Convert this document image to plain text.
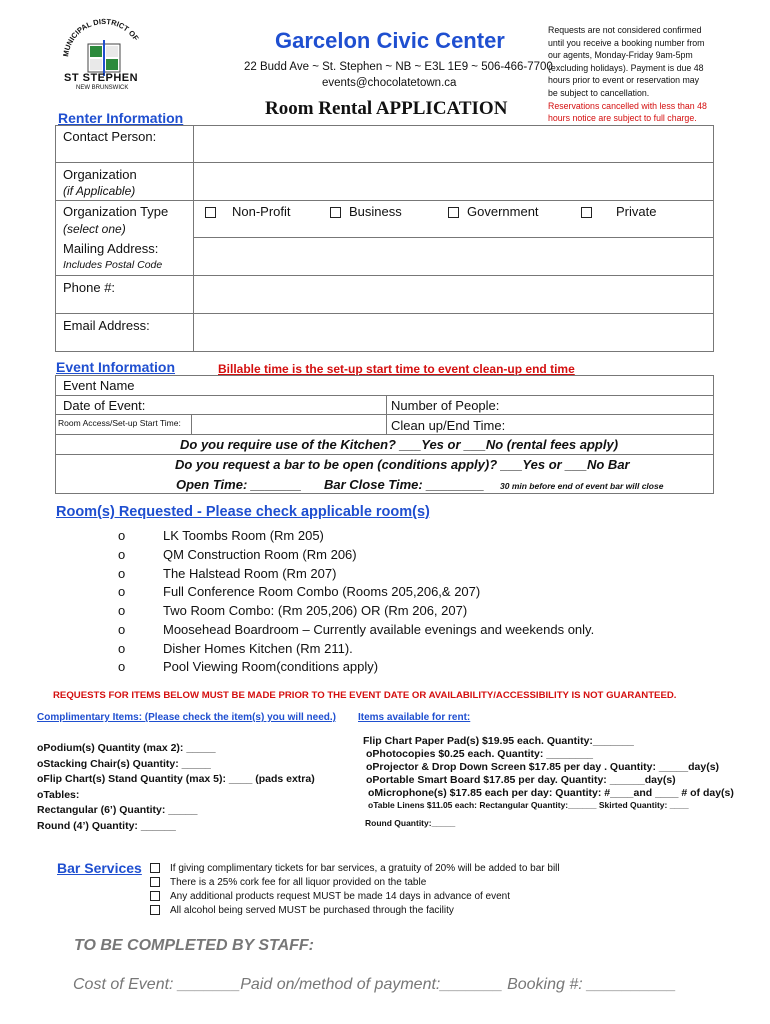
MUNICIPAL DISTRICT OF
ST STEPHEN
NEW BRUNSWICK
Garcelon Civic Center
22 Budd Ave ~ St. Stephen ~ NB ~ E3L 1E9 ~ 506-466-7700
events@chocolatetown.ca
Room Rental APPLICATION
Requests are not considered confirmed
until you receive a booking number from
our agents, Monday-Friday 9am-5pm
(excluding holidays). Payment is due 48
hours prior to event or reservation may
be subject to cancellation.
Reservations cancelled with less than 48
hours notice are subject to full charge.
Renter Information
Contact Person:
Organization
(if Applicable)
Organization Type
(select one)
Non-Profit	Business	Government	Private
Mailing Address:
Includes Postal Code
Phone #:
Email Address:
Event Information	Billable time is the set-up start time to event clean-up end time
Event Name
Date of Event:	Number of People:
Room Access/Set-up Start Time:	Clean up/End Time:
Do you require use of the Kitchen? ___Yes or ___No (rental fees apply)
Do you request a bar to be open (conditions apply)? ___Yes or ___No Bar
Open Time: _______ Bar Close Time: ________ 30 min before end of event bar will close
Room(s) Requested - Please check applicable room(s)
o	LK Toombs Room (Rm 205)
o	QM Construction Room (Rm 206)
o	The Halstead Room (Rm 207)
o	Full Conference Room Combo (Rooms 205,206,& 207)
o	Two Room Combo: (Rm 205,206) OR (Rm 206, 207)
o	Moosehead Boardroom – Currently available evenings and weekends only.
o	Disher Homes Kitchen (Rm 211).
o	Pool Viewing Room(conditions apply)
REQUESTS FOR ITEMS BELOW MUST BE MADE PRIOR TO THE EVENT DATE OR AVAILABILITY/ACCESSIBILITY IS NOT GUARANTEED.
Complimentary Items: (Please check the item(s) you will need.)
oPodium(s) Quantity (max 2): _____
oStacking Chair(s) Quantity: _____
oFlip Chart(s) Stand Quantity (max 5): ____ (pads extra)
oTables:
Rectangular (6’) Quantity: _____
Round (4’) Quantity: ______
Items available for rent:
Flip Chart Paper Pad(s) $19.95 each. Quantity:_______
oPhotocopies $0.25 each. Quantity: ________
oProjector & Drop Down Screen $17.85 per day . Quantity: _____day(s)
oPortable Smart Board $17.85 per day. Quantity: ______day(s)
oMicrophone(s) $17.85 each per day: Quantity: #____and ____ # of day(s)
oTable Linens $11.05 each: Rectangular Quantity:______ Skirted Quantity: ____
Round Quantity:_____
Bar Services	If giving complimentary tickets for bar services, a gratuity of 20% will be added to bar bill
There is a 25% cork fee for all liquor provided on the table
Any additional products request MUST be made 14 days in advance of event
All alcohol being served MUST be purchased through the facility
TO BE COMPLETED BY STAFF:
Cost of Event: _______Paid on/method of payment:_______ Booking #: __________
